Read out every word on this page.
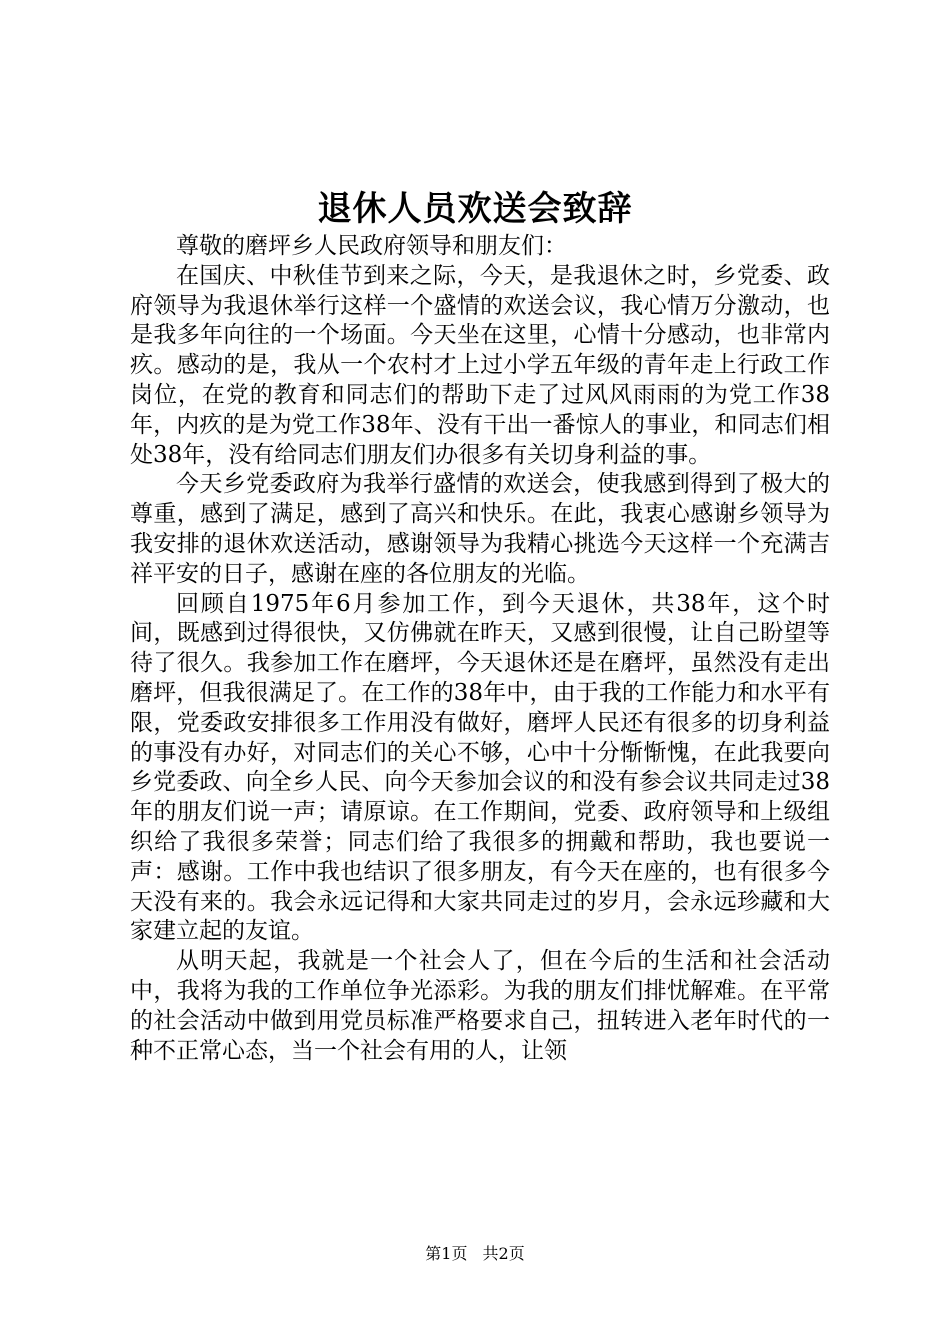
退休人员欢送会致辞

尊敬的磨坪乡人民政府领导和朋友们：

在国庆、中秋佳节到来之际，今天，是我退休之时，乡党委、政府领导为我退休举行这样一个盛情的欢送会议，我心情万分激动，也是我多年向往的一个场面。今天坐在这里，心情十分感动，也非常内疚。感动的是，我从一个农村才上过小学五年级的青年走上行政工作岗位，在党的教育和同志们的帮助下走了过风风雨雨的为党工作38年，内疚的是为党工作38年、没有干出一番惊人的事业，和同志们相处38年，没有给同志们朋友们办很多有关切身利益的事。

今天乡党委政府为我举行盛情的欢送会，使我感到得到了极大的尊重，感到了满足，感到了高兴和快乐。在此，我衷心感谢乡领导为我安排的退休欢送活动，感谢领导为我精心挑选今天这样一个充满吉祥平安的日子，感谢在座的各位朋友的光临。

回顾自1975年6月参加工作，到今天退休，共38年，这个时间，既感到过得很快，又仿佛就在昨天，又感到很慢，让自己盼望等待了很久。我参加工作在磨坪，今天退休还是在磨坪，虽然没有走出磨坪，但我很满足了。在工作的38年中，由于我的工作能力和水平有限，党委政安排很多工作用没有做好，磨坪人民还有很多的切身利益的事没有办好，对同志们的关心不够，心中十分惭惭愧，在此我要向乡党委政、向全乡人民、向今天参加会议的和没有参会议共同走过38年的朋友们说一声；请原谅。在工作期间，党委、政府领导和上级组织给了我很多荣誉；同志们给了我很多的拥戴和帮助，我也要说一声：感谢。工作中我也结识了很多朋友，有今天在座的，也有很多今天没有来的。我会永远记得和大家共同走过的岁月，会永远珍藏和大家建立起的友谊。

从明天起，我就是一个社会人了，但在今后的生活和社会活动中，我将为我的工作单位争光添彩。为我的朋友们排忧解难。在平常的社会活动中做到用党员标准严格要求自己，扭转进入老年时代的一种不正常心态，当一个社会有用的人，让领

第1页 共2页
